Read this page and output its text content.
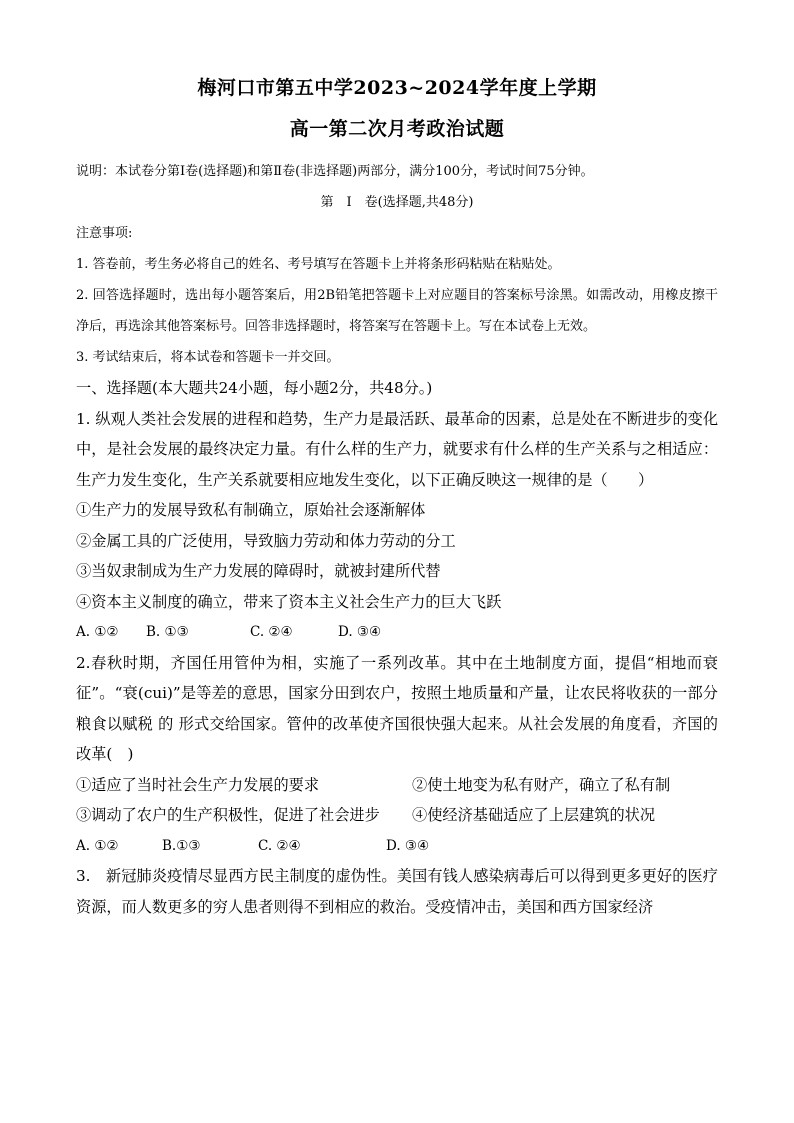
梅河口市第五中学2023~2024学年度上学期
高一第二次月考政治试题

说明：本试卷分第Ⅰ卷(选择题)和第Ⅱ卷(非选择题)两部分，满分100分，考试时间75分钟。

第　Ⅰ　卷(选择题,共48分)

注意事项:

1. 答卷前，考生务必将自己的姓名、考号填写在答题卡上并将条形码粘贴在粘贴处。

2. 回答选择题时，选出每小题答案后，用2B铅笔把答题卡上对应题目的答案标号涂黑。如需改动，用橡皮擦干净后，再选涂其他答案标号。回答非选择题时，将答案写在答题卡上。写在本试卷上无效。

3. 考试结束后，将本试卷和答题卡一并交回。

一、选择题(本大题共24小题，每小题2分，共48分。)

1. 纵观人类社会发展的进程和趋势，生产力是最活跃、最革命的因素，总是处在不断进步的变化中，是社会发展的最终决定力量。有什么样的生产力，就要求有什么样的生产关系与之相适应：生产力发生变化，生产关系就要相应地发生变化，以下正确反映这一规律的是（　　）

①生产力的发展导致私有制确立，原始社会逐渐解体

②金属工具的广泛使用，导致脑力劳动和体力劳动的分工

③当奴隶制成为生产力发展的障碍时，就被封建所代替

④资本主义制度的确立，带来了资本主义社会生产力的巨大飞跃

A. ①②	B. ①③	C. ②④	D. ③④

2.春秋时期，齐国任用管仲为相，实施了一系列改革。其中在土地制度方面，提倡“相地而衰征”。“衰(cui)”是等差的意思，国家分田到农户，按照土地质量和产量，让农民将收获的一部分粮食以赋税 的 形式交给国家。管仲的改革使齐国很快强大起来。从社会发展的角度看，齐国的改革(　)

①适应了当时社会生产力发展的要求	②使土地变为私有财产，确立了私有制
③调动了农户的生产积极性，促进了社会进步	④使经济基础适应了上层建筑的状况
A. ①②	B.①③	C. ②④	D. ③④

3.　新冠肺炎疫情尽显西方民主制度的虚伪性。美国有钱人感染病毒后可以得到更多更好的医疗资源，而人数更多的穷人患者则得不到相应的救治。受疫情冲击，美国和西方国家经济
